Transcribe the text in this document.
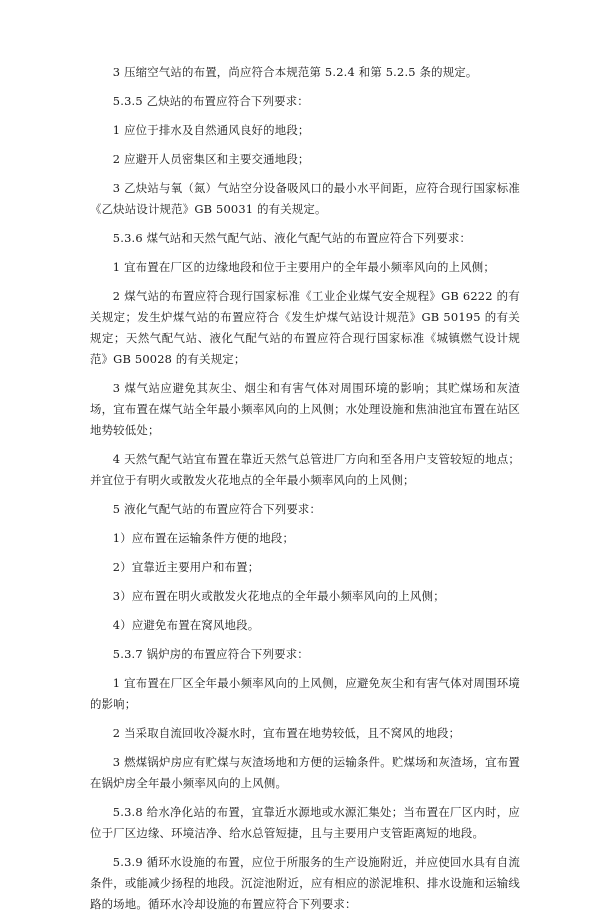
3 压缩空气站的布置，尚应符合本规范第 5.2.4 和第 5.2.5 条的规定。

5.3.5 乙炔站的布置应符合下列要求：

1 应位于排水及自然通风良好的地段；

2 应避开人员密集区和主要交通地段；

3 乙炔站与氧（氮）气站空分设备吸风口的最小水平间距，应符合现行国家标准《乙炔站设计规范》GB 50031 的有关规定。

5.3.6 煤气站和天然气配气站、液化气配气站的布置应符合下列要求：

1 宜布置在厂区的边缘地段和位于主要用户的全年最小频率风向的上风侧；

2 煤气站的布置应符合现行国家标准《工业企业煤气安全规程》GB 6222 的有关规定；发生炉煤气站的布置应符合《发生炉煤气站设计规范》GB 50195 的有关规定；天然气配气站、液化气配气站的布置应符合现行国家标准《城镇燃气设计规范》GB 50028 的有关规定；

3 煤气站应避免其灰尘、烟尘和有害气体对周围环境的影响；其贮煤场和灰渣场，宜布置在煤气站全年最小频率风向的上风侧；水处理设施和焦油池宜布置在站区地势较低处；

4 天然气配气站宜布置在靠近天然气总管进厂方向和至各用户支管较短的地点；并宜位于有明火或散发火花地点的全年最小频率风向的上风侧；

5 液化气配气站的布置应符合下列要求：

1）应布置在运输条件方便的地段；

2）宜靠近主要用户和布置；

3）应布置在明火或散发火花地点的全年最小频率风向的上风侧；

4）应避免布置在窝风地段。

5.3.7 锅炉房的布置应符合下列要求：

1 宜布置在厂区全年最小频率风向的上风侧，应避免灰尘和有害气体对周围环境的影响；

2 当采取自流回收冷凝水时，宜布置在地势较低，且不窝风的地段；

3 燃煤锅炉房应有贮煤与灰渣场地和方便的运输条件。贮煤场和灰渣场，宜布置在锅炉房全年最小频率风向的上风侧。

5.3.8 给水净化站的布置，宜靠近水源地或水源汇集处；当布置在厂区内时，应位于厂区边缘、环境洁净、给水总管短捷，且与主要用户支管距离短的地段。

5.3.9 循环水设施的布置，应位于所服务的生产设施附近，并应使回水具有自流条件，或能减少扬程的地段。沉淀池附近，应有相应的淤泥堆积、排水设施和运输线路的场地。循环水冷却设施的布置应符合下列要求：
